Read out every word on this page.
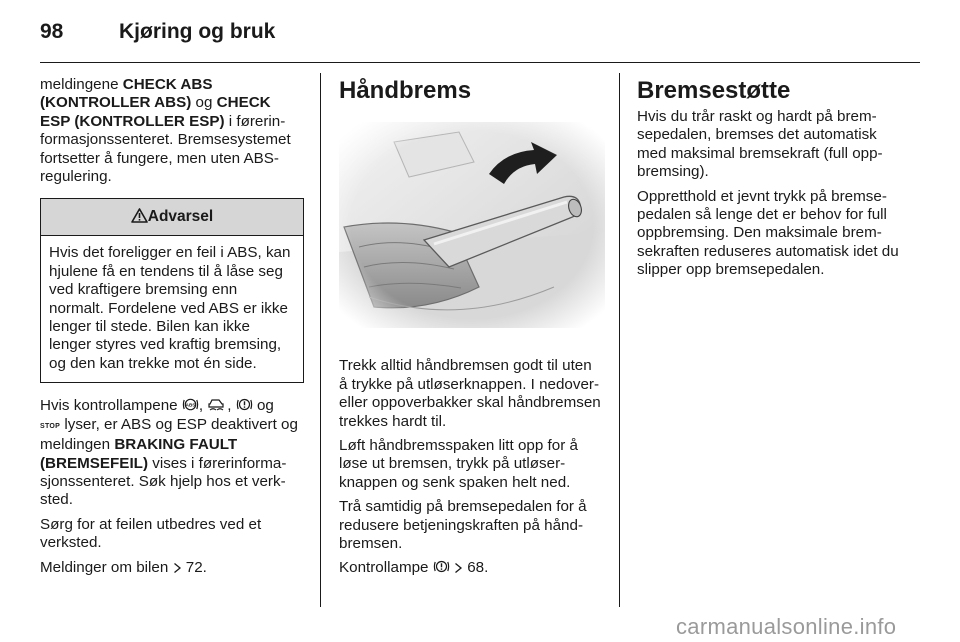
98	Kjøring og bruk

meldingene CHECK ABS (KONTROLLER ABS) og CHECK ESP (KONTROLLER ESP) i førerinformasjonssenteret. Bremsesystemet fortsetter å fungere, men uten ABS-regulering.

Advarsel

Hvis det foreligger en feil i ABS, kan hjulene få en tendens til å låse seg ved kraftigere bremsing enn normalt. Fordelene ved ABS er ikke lenger til stede. Bilen kan ikke lenger styres ved kraftig bremsing, og den kan trekke mot én side.

Hvis kontrollampene ABS , ,  og
STOP lyser, er ABS og ESP deaktivert og meldingen BRAKING FAULT (BREMSEFEIL) vises i førerinformasjonssenteret. Søk hjelp hos et verksted.

Sørg for at feilen utbedres ved et verksted.

Meldinger om bilen  72.

Håndbrems

Trekk alltid håndbremsen godt til uten å trykke på utløserknappen. I nedover- eller oppoverbakker skal håndbremsen trekkes hardt til.

Løft håndbremsspaken litt opp for å løse ut bremsen, trykk på utløserknappen og senk spaken helt ned.

Trå samtidig på bremsepedalen for å redusere betjeningskraften på håndbremsen.

Kontrollampe   68.

Bremsestøtte

Hvis du trår raskt og hardt på bremsepedalen, bremses det automatisk med maksimal bremsekraft (full oppbremsing).

Oppretthold et jevnt trykk på bremsepedalen så lenge det er behov for full oppbremsing. Den maksimale bremsekraften reduseres automatisk idet du slipper opp bremsepedalen.

carmanualsonline.info
